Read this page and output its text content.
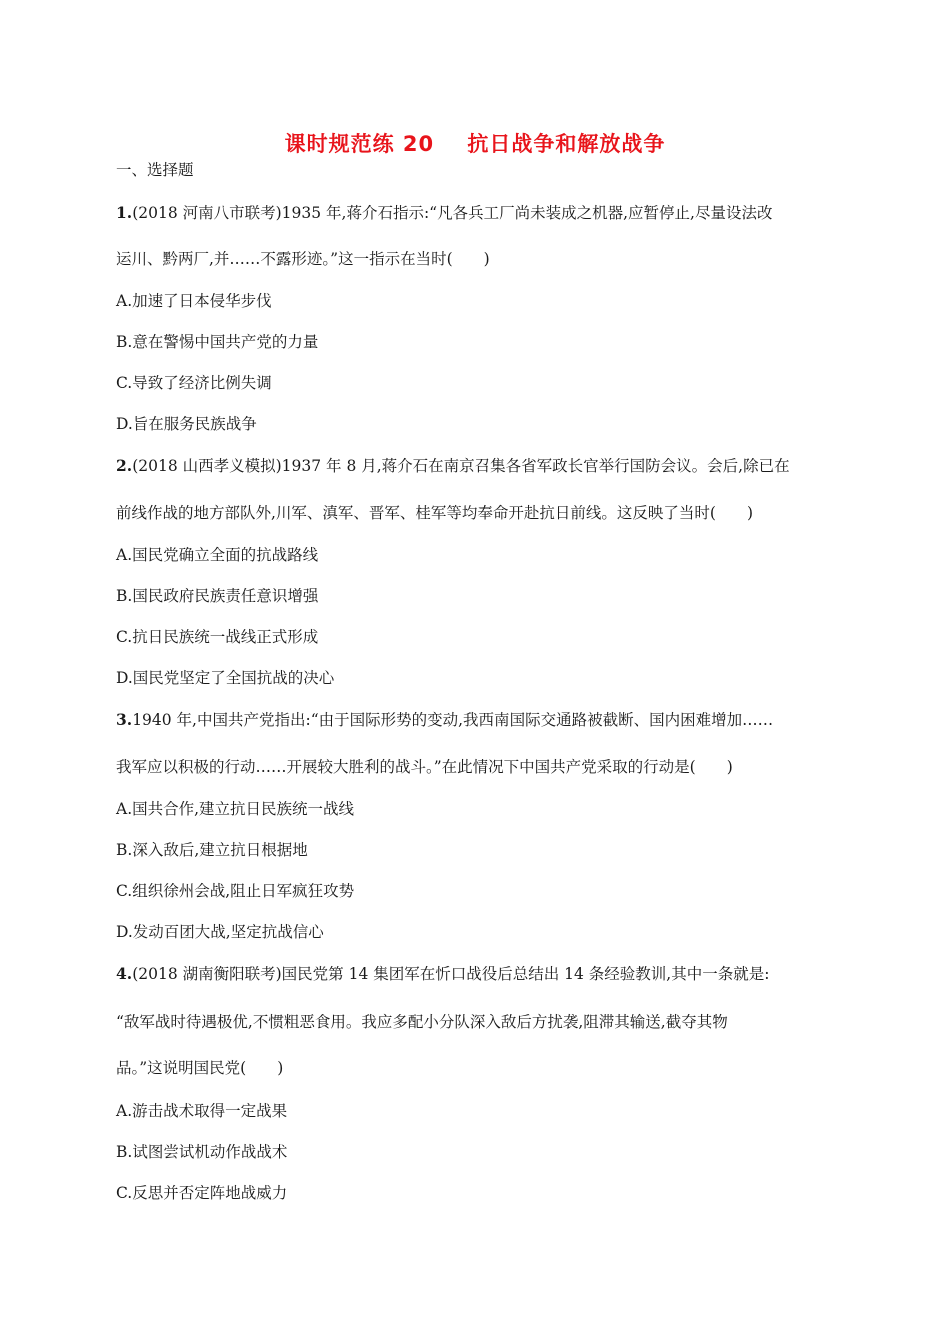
课时规范练 20    抗日战争和解放战争
一、选择题
1.(2018 河南八市联考)1935 年,蒋介石指示:“凡各兵工厂尚未装成之机器,应暂停止,尽量设法改
运川、黔两厂,并……不露形迹。”这一指示在当时(　　)
A.加速了日本侵华步伐
B.意在警惕中国共产党的力量
C.导致了经济比例失调
D.旨在服务民族战争
2.(2018 山西孝义模拟)1937 年 8 月,蒋介石在南京召集各省军政长官举行国防会议。会后,除已在
前线作战的地方部队外,川军、滇军、晋军、桂军等均奉命开赴抗日前线。这反映了当时(　　)
A.国民党确立全面的抗战路线
B.国民政府民族责任意识增强
C.抗日民族统一战线正式形成
D.国民党坚定了全国抗战的决心
3.1940 年,中国共产党指出:“由于国际形势的变动,我西南国际交通路被截断、国内困难增加……
我军应以积极的行动……开展较大胜利的战斗。”在此情况下中国共产党采取的行动是(　　)
A.国共合作,建立抗日民族统一战线
B.深入敌后,建立抗日根据地
C.组织徐州会战,阻止日军疯狂攻势
D.发动百团大战,坚定抗战信心
4.(2018 湖南衡阳联考)国民党第 14 集团军在忻口战役后总结出 14 条经验教训,其中一条就是:
“敌军战时待遇极优,不惯粗恶食用。我应多配小分队深入敌后方扰袭,阻滞其输送,截夺其物
品。”这说明国民党(　　)
A.游击战术取得一定战果
B.试图尝试机动作战战术
C.反思并否定阵地战威力
